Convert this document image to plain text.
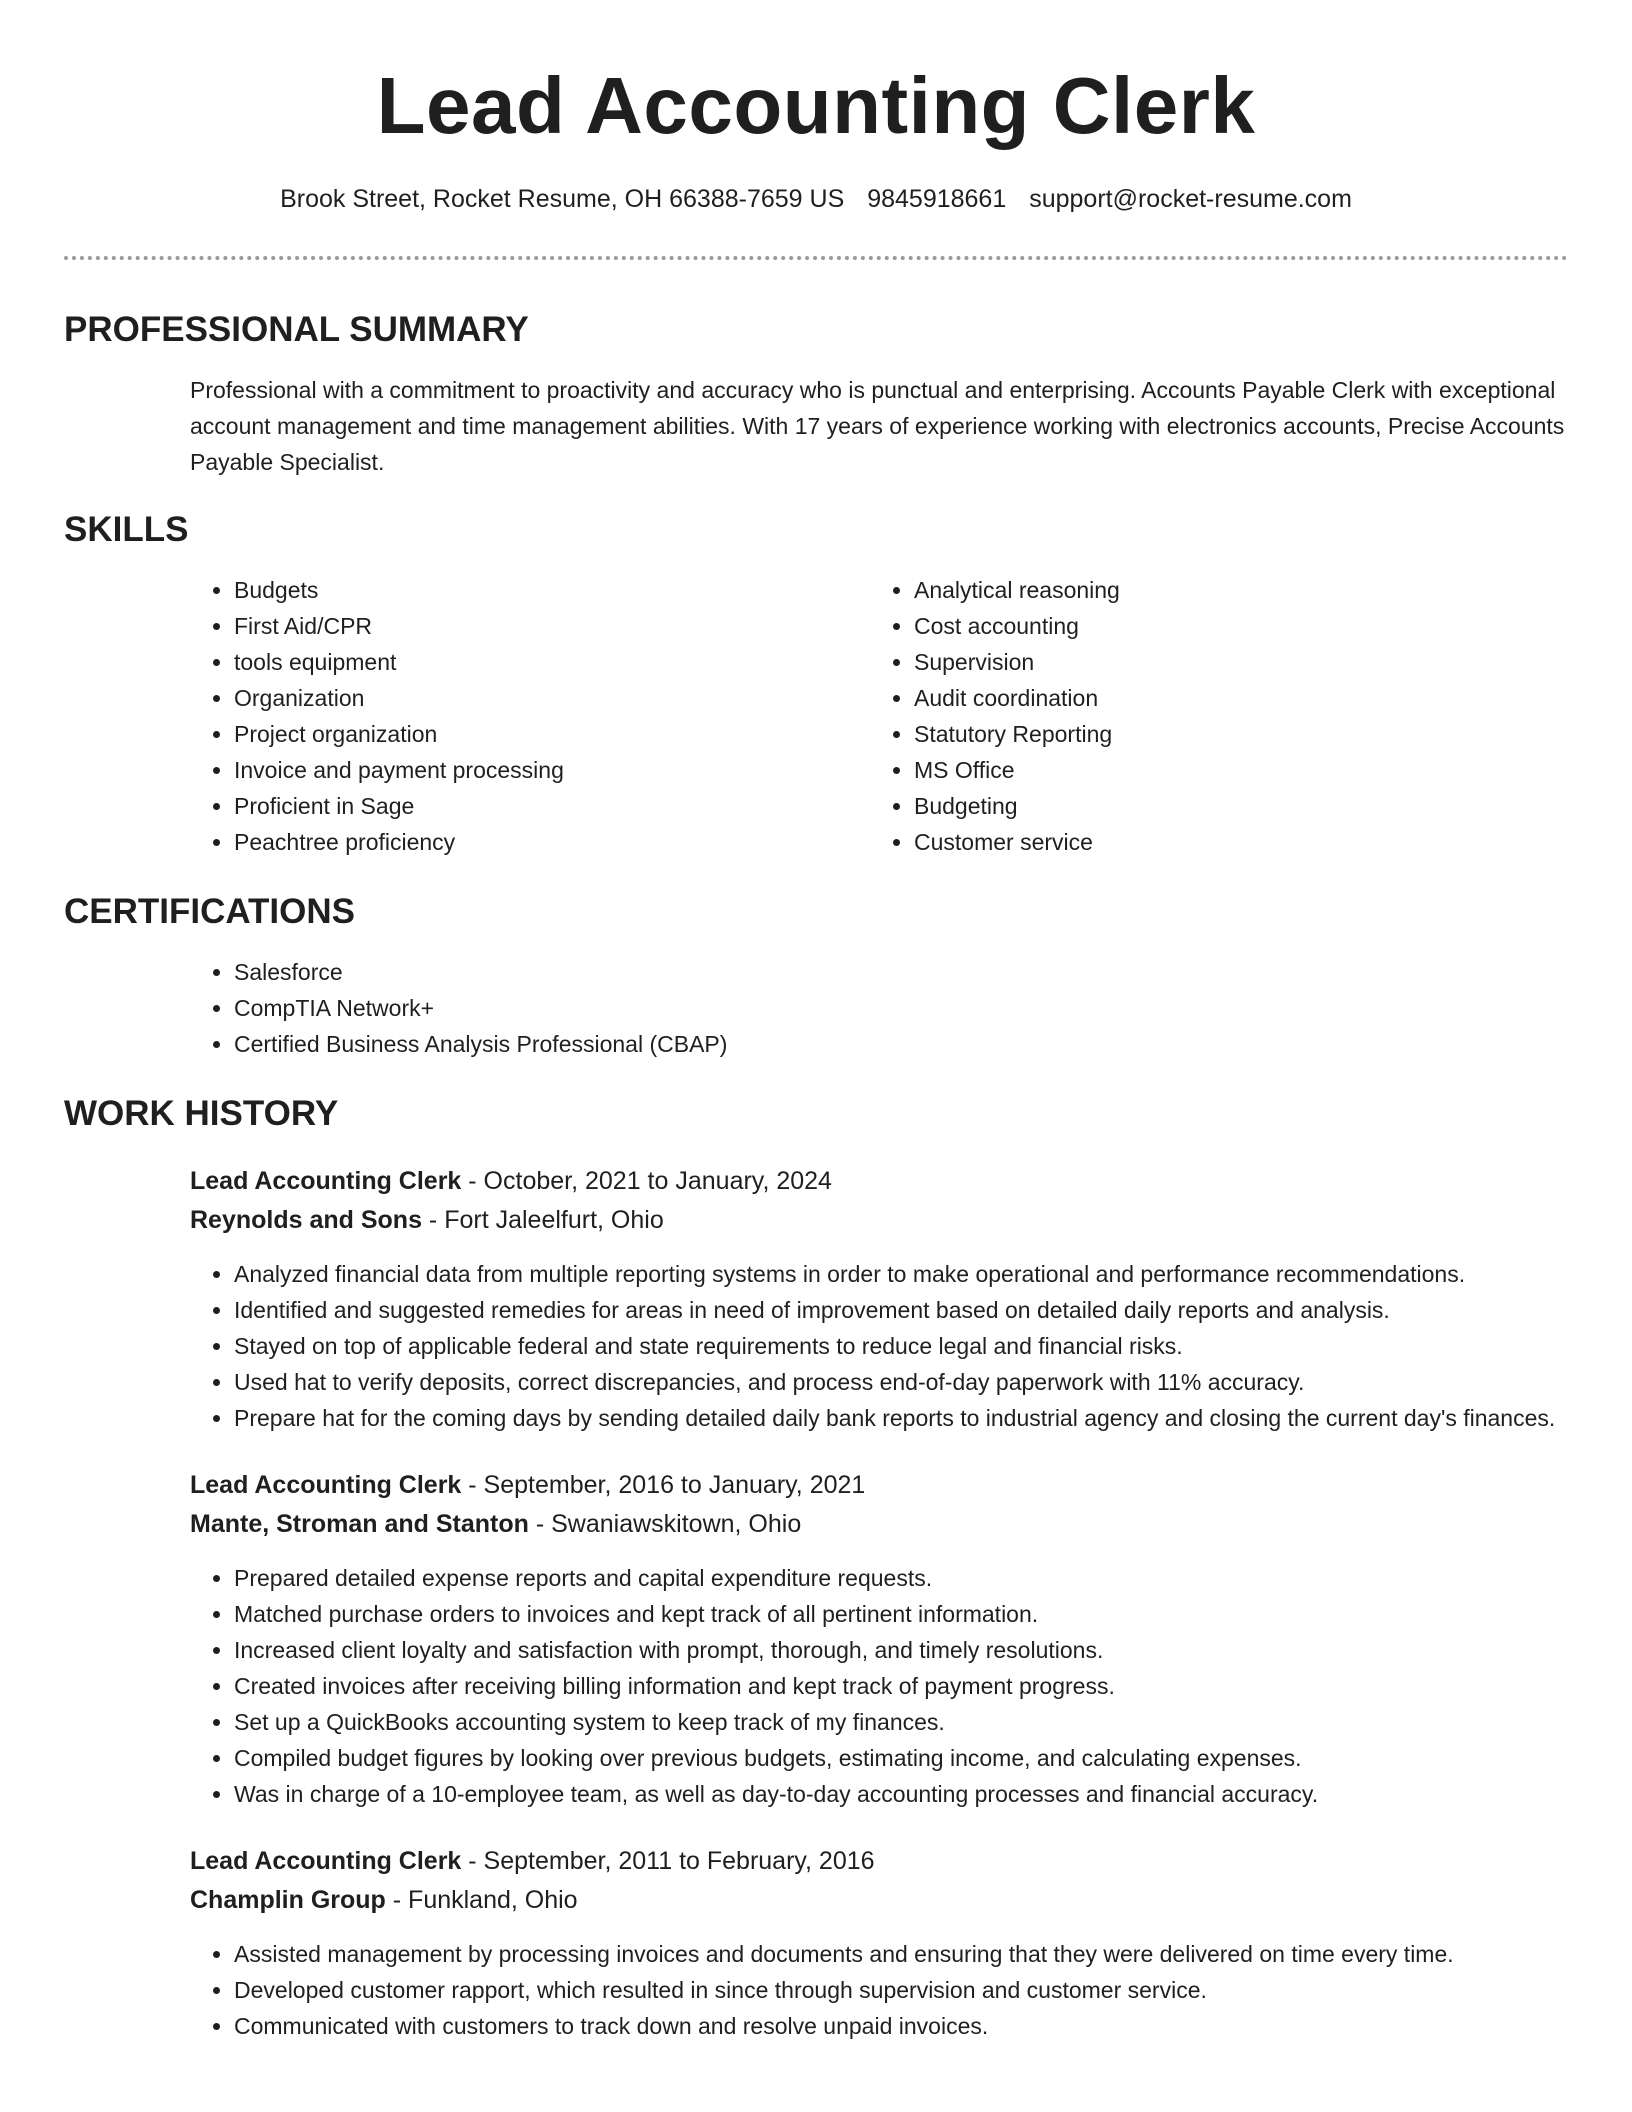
Lead Accounting Clerk
Brook Street, Rocket Resume, OH 66388-7659 US 9845918661 support@rocket-resume.com
PROFESSIONAL SUMMARY
Professional with a commitment to proactivity and accuracy who is punctual and enterprising. Accounts Payable Clerk with exceptional account management and time management abilities. With 17 years of experience working with electronics accounts, Precise Accounts Payable Specialist.
SKILLS
• Budgets
• First Aid/CPR
• tools equipment
• Organization
• Project organization
• Invoice and payment processing
• Proficient in Sage
• Peachtree proficiency
• Analytical reasoning
• Cost accounting
• Supervision
• Audit coordination
• Statutory Reporting
• MS Office
• Budgeting
• Customer service
CERTIFICATIONS
• Salesforce
• CompTIA Network+
• Certified Business Analysis Professional (CBAP)
WORK HISTORY
Lead Accounting Clerk - October, 2021 to January, 2024
Reynolds and Sons - Fort Jaleelfurt, Ohio
• Analyzed financial data from multiple reporting systems in order to make operational and performance recommendations.
• Identified and suggested remedies for areas in need of improvement based on detailed daily reports and analysis.
• Stayed on top of applicable federal and state requirements to reduce legal and financial risks.
• Used hat to verify deposits, correct discrepancies, and process end-of-day paperwork with 11% accuracy.
• Prepare hat for the coming days by sending detailed daily bank reports to industrial agency and closing the current day's finances.
Lead Accounting Clerk - September, 2016 to January, 2021
Mante, Stroman and Stanton - Swaniawskitown, Ohio
• Prepared detailed expense reports and capital expenditure requests.
• Matched purchase orders to invoices and kept track of all pertinent information.
• Increased client loyalty and satisfaction with prompt, thorough, and timely resolutions.
• Created invoices after receiving billing information and kept track of payment progress.
• Set up a QuickBooks accounting system to keep track of my finances.
• Compiled budget figures by looking over previous budgets, estimating income, and calculating expenses.
• Was in charge of a 10-employee team, as well as day-to-day accounting processes and financial accuracy.
Lead Accounting Clerk - September, 2011 to February, 2016
Champlin Group - Funkland, Ohio
• Assisted management by processing invoices and documents and ensuring that they were delivered on time every time.
• Developed customer rapport, which resulted in since through supervision and customer service.
• Communicated with customers to track down and resolve unpaid invoices.
